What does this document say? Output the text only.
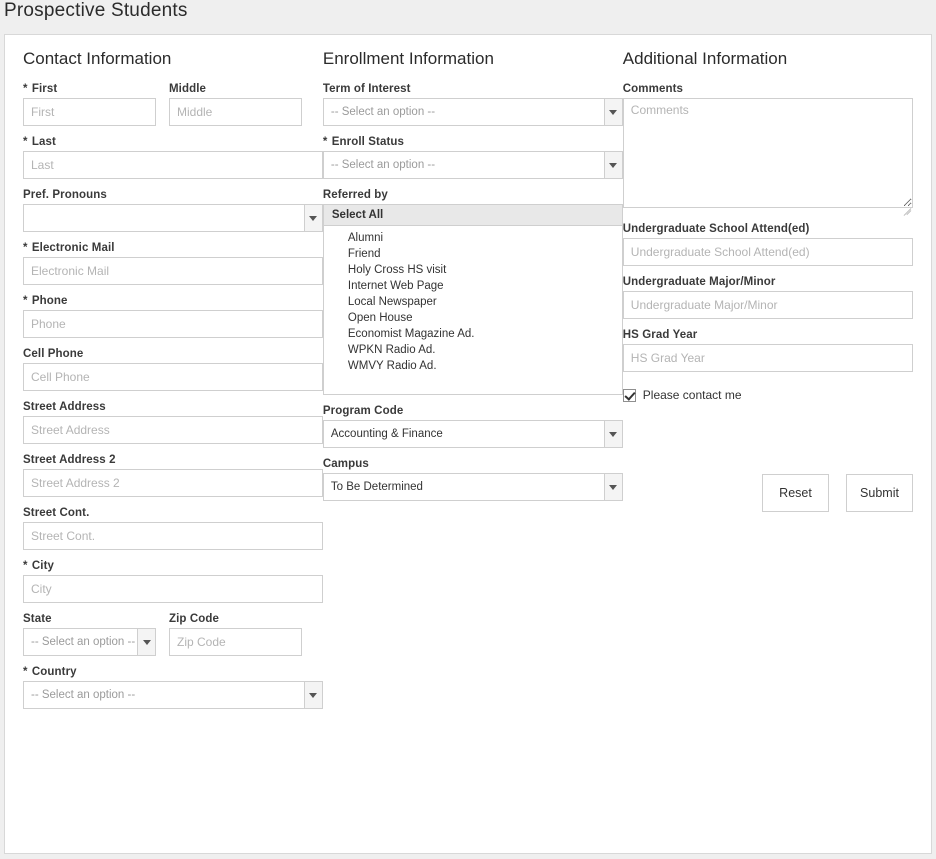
Prospective Students
Contact Information
* First
First	Middle
Middle
* Last
Last
Pref. Pronouns
* Electronic Mail
Electronic Mail
* Phone
Phone
Cell Phone
Cell Phone
Street Address
Street Address
Street Address 2
Street Address 2
Street Cont.
Street Cont.
* City
City
State
-- Select an option --
Zip Code
Zip Code
* Country
-- Select an option --
Enrollment Information
Term of Interest
-- Select an option --
* Enroll Status
-- Select an option --
Referred by
Select All
Alumni
Friend
Holy Cross HS visit
Internet Web Page
Local Newspaper
Open House
Economist Magazine Ad.
WPKN Radio Ad.
WMVY Radio Ad.
Program Code
Accounting & Finance
Campus
To Be Determined
Additional Information
Comments
Comments
Undergraduate School Attend(ed)
Undergraduate School Attend(ed)
Undergraduate Major/Minor
Undergraduate Major/Minor
HS Grad Year
HS Grad Year
Please contact me
Reset	Submit
